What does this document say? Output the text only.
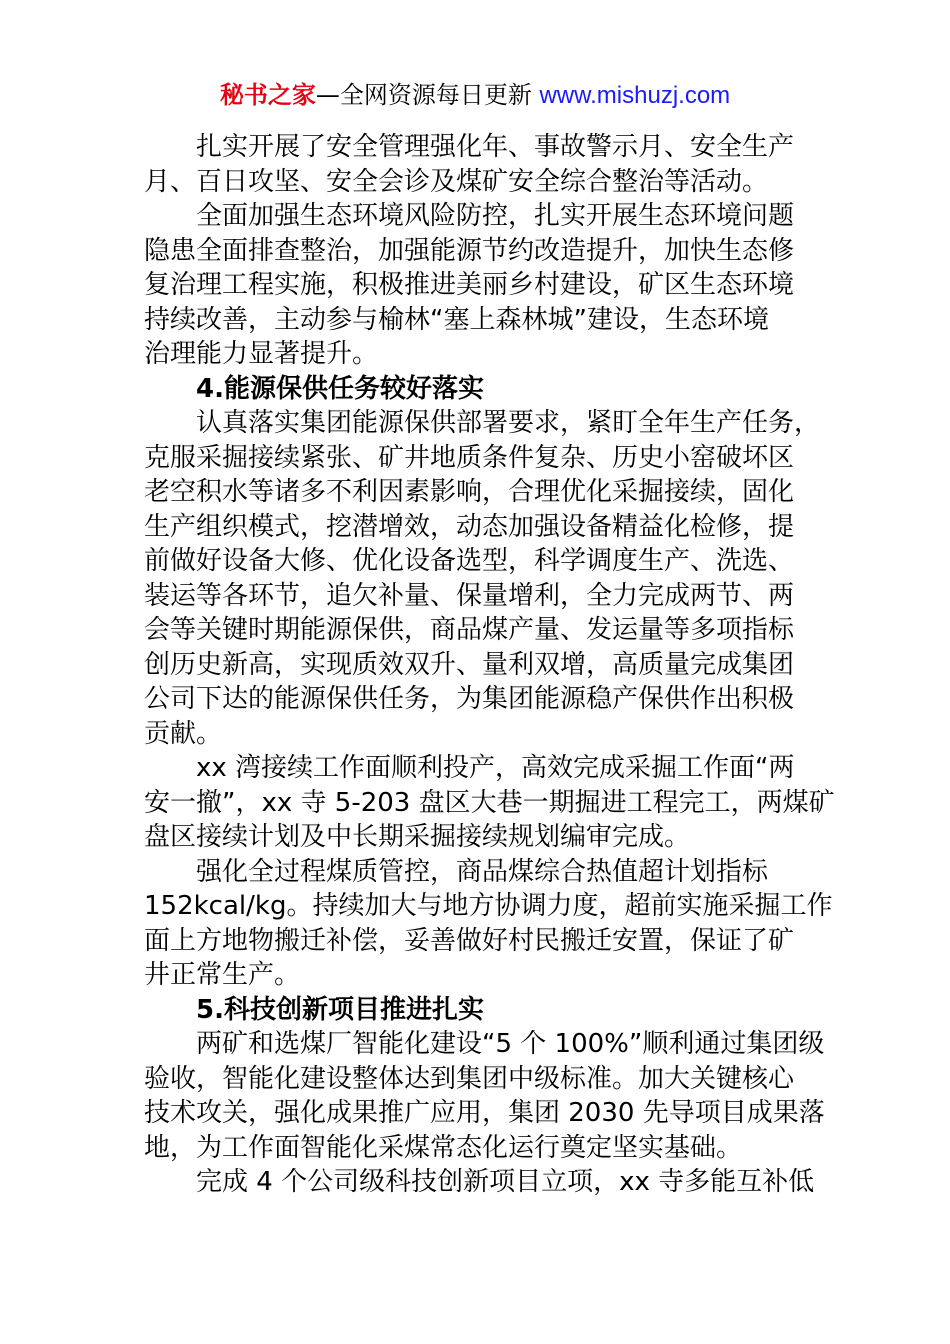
秘书之家—全网资源每日更新 www.mishuzj.com
扎实开展了安全管理强化年、事故警示月、安全生产
月、百日攻坚、安全会诊及煤矿安全综合整治等活动。
全面加强生态环境风险防控，扎实开展生态环境问题
隐患全面排查整治，加强能源节约改造提升，加快生态修
复治理工程实施，积极推进美丽乡村建设，矿区生态环境
持续改善，主动参与榆林“塞上森林城”建设，生态环境
治理能力显著提升。
4.能源保供任务较好落实
认真落实集团能源保供部署要求，紧盯全年生产任务，
克服采掘接续紧张、矿井地质条件复杂、历史小窑破坏区
老空积水等诸多不利因素影响，合理优化采掘接续，固化
生产组织模式，挖潜增效，动态加强设备精益化检修，提
前做好设备大修、优化设备选型，科学调度生产、洗选、
装运等各环节，追欠补量、保量增利，全力完成两节、两
会等关键时期能源保供，商品煤产量、发运量等多项指标
创历史新高，实现质效双升、量利双增，高质量完成集团
公司下达的能源保供任务，为集团能源稳产保供作出积极
贡献。
xx 湾接续工作面顺利投产，高效完成采掘工作面“两
安一撤”，xx 寺 5-203 盘区大巷一期掘进工程完工，两煤矿
盘区接续计划及中长期采掘接续规划编审完成。
强化全过程煤质管控，商品煤综合热值超计划指标
152kcal/kg。持续加大与地方协调力度，超前实施采掘工作
面上方地物搬迁补偿，妥善做好村民搬迁安置，保证了矿
井正常生产。
5.科技创新项目推进扎实
两矿和选煤厂智能化建设“5 个 100%”顺利通过集团级
验收，智能化建设整体达到集团中级标准。加大关键核心
技术攻关，强化成果推广应用，集团 2030 先导项目成果落
地，为工作面智能化采煤常态化运行奠定坚实基础。
完成 4 个公司级科技创新项目立项，xx 寺多能互补低
